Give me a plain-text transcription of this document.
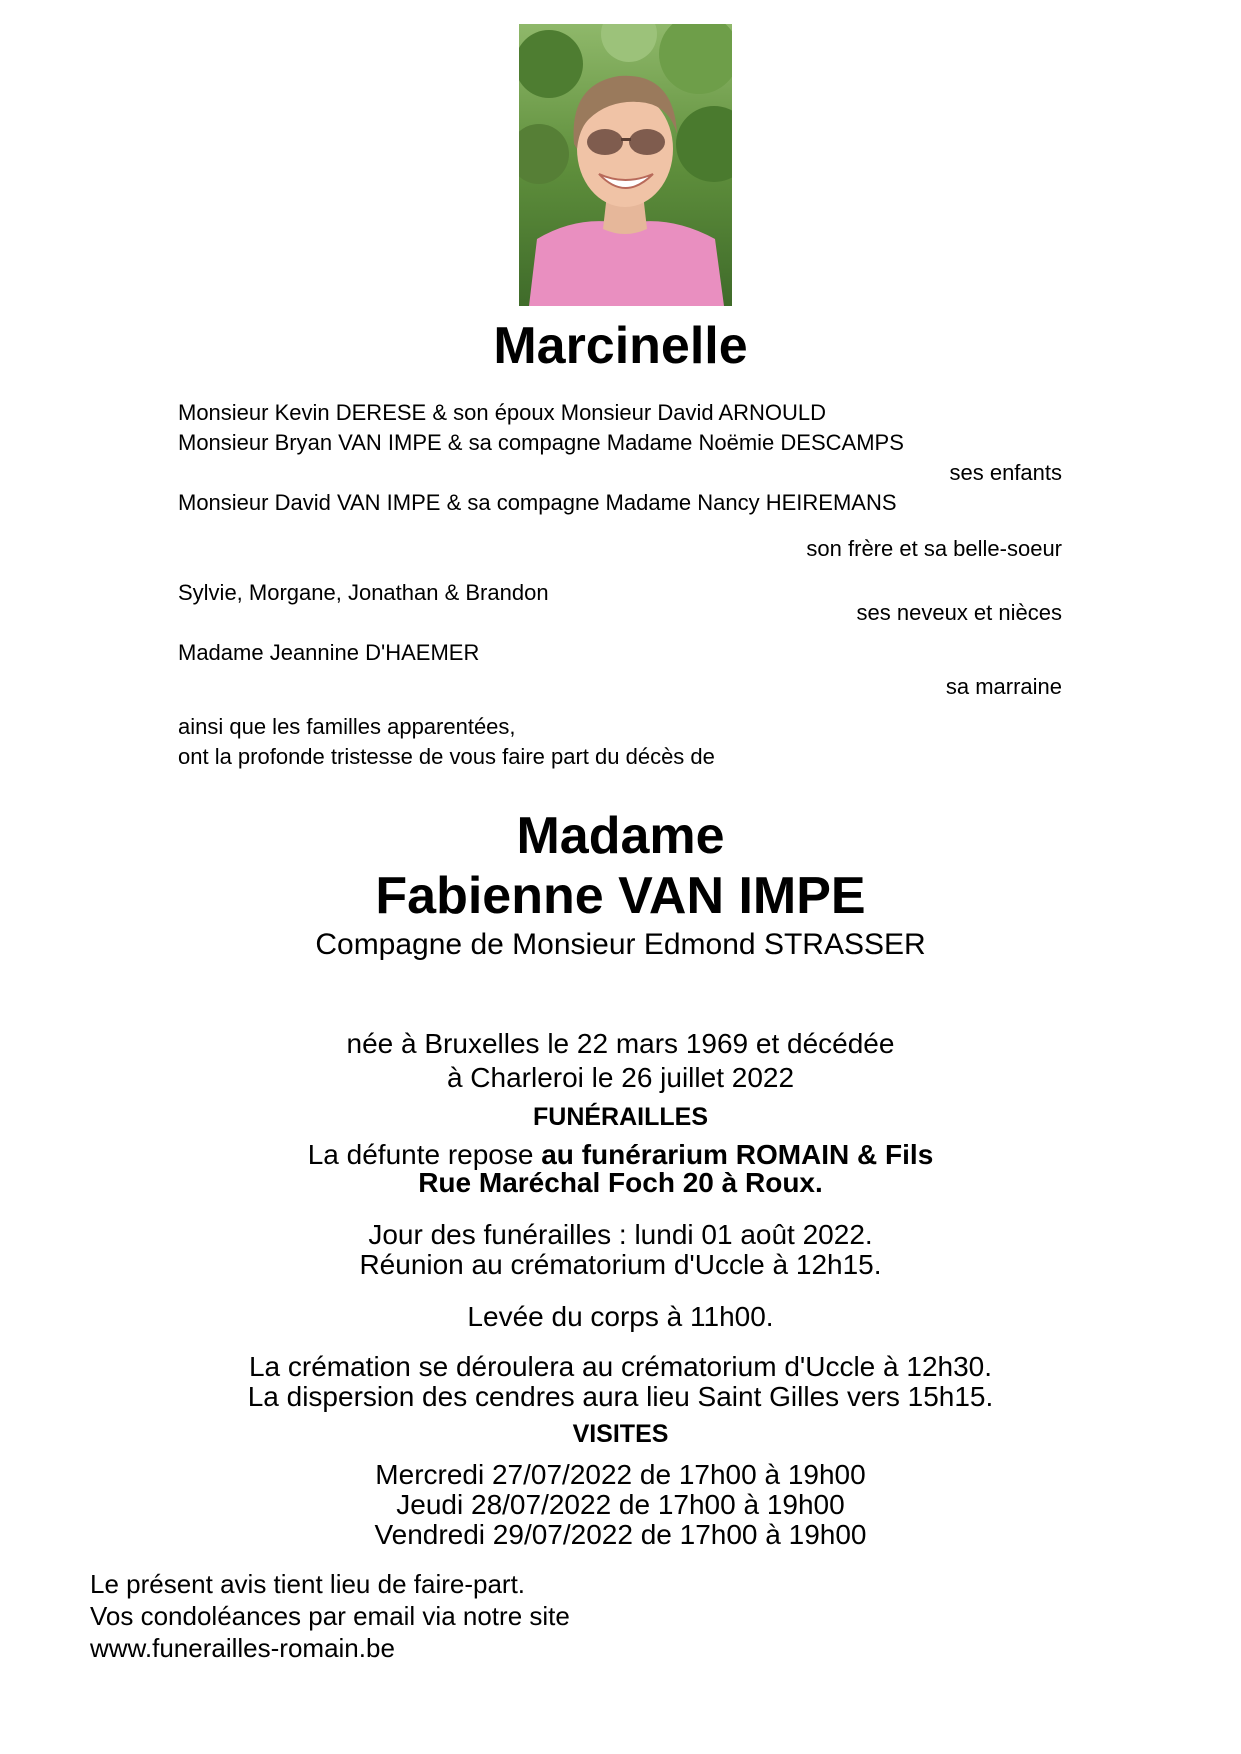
Marcinelle
Monsieur Kevin DERESE & son époux Monsieur David ARNOULD
Monsieur Bryan VAN IMPE & sa compagne Madame Noëmie DESCAMPS
ses enfants
Monsieur David VAN IMPE & sa compagne Madame Nancy HEIREMANS
son frère et sa belle-soeur
Sylvie, Morgane, Jonathan & Brandon
ses neveux et nièces
Madame Jeannine D'HAEMER
sa marraine
ainsi que les familles apparentées,
ont la profonde tristesse de vous faire part du décès de
Madame
Fabienne VAN IMPE
Compagne de Monsieur Edmond STRASSER
née à Bruxelles le 22 mars 1969 et décédée
à Charleroi le 26 juillet 2022
FUNÉRAILLES
La défunte repose au funérarium ROMAIN & Fils
Rue Maréchal Foch 20 à Roux.
Jour des funérailles : lundi 01 août 2022.
Réunion au crématorium d'Uccle à 12h15.
Levée du corps à 11h00.
La crémation se déroulera au crématorium d'Uccle à 12h30.
La dispersion des cendres aura lieu Saint Gilles vers 15h15.
VISITES
Mercredi 27/07/2022 de 17h00 à 19h00
Jeudi 28/07/2022 de 17h00 à 19h00
Vendredi 29/07/2022 de 17h00 à 19h00
Le présent avis tient lieu de faire-part.
Vos condoléances par email via notre site
www.funerailles-romain.be
